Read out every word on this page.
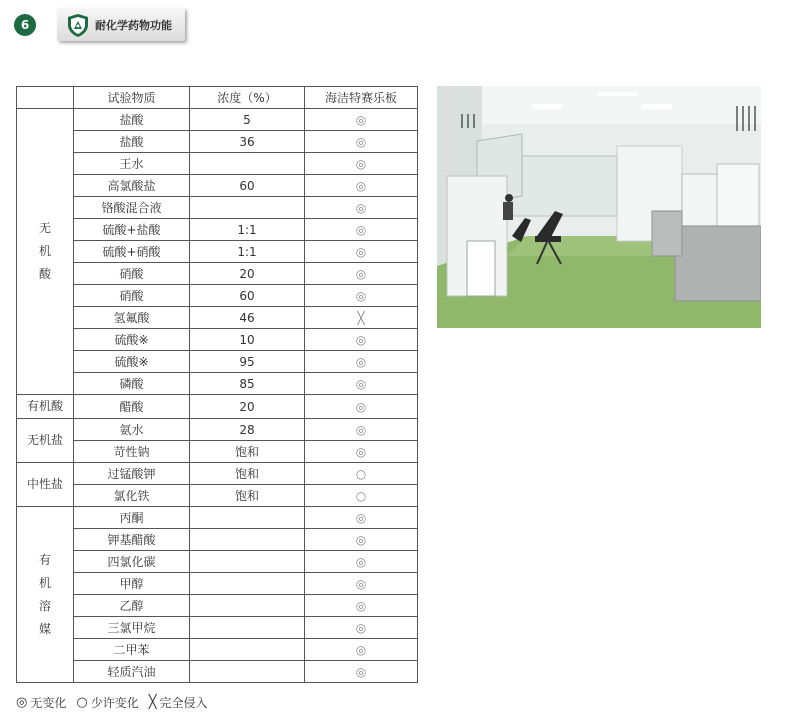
6	耐化学药物功能
	试验物质	浓度（%）	海洁特赛乐板
无
机
酸	盐酸	5	◎
	盐酸	36	◎
	王水		◎
	高氯酸盐	60	◎
	铬酸混合液		◎
	硫酸+盐酸	1:1	◎
	硫酸+硝酸	1:1	◎
	硝酸	20	◎
	硝酸	60	◎
	氢氟酸	46	╳
	硫酸※	10	◎
	硫酸※	95	◎
	磷酸	85	◎
有机酸	醋酸	20	◎
无机盐	氨水	28	◎
	苛性钠	饱和	◎
中性盐	过锰酸钾	饱和	○
	氯化铁	饱和	○
有
机
溶
媒	丙酮		◎
	钾基醋酸		◎
	四氯化碳		◎
	甲醇		◎
	乙醇		◎
	三氯甲烷		◎
	二甲苯		◎
	轻质汽油		◎
◎ 无变化 ○ 少许变化 ╳ 完全侵入
